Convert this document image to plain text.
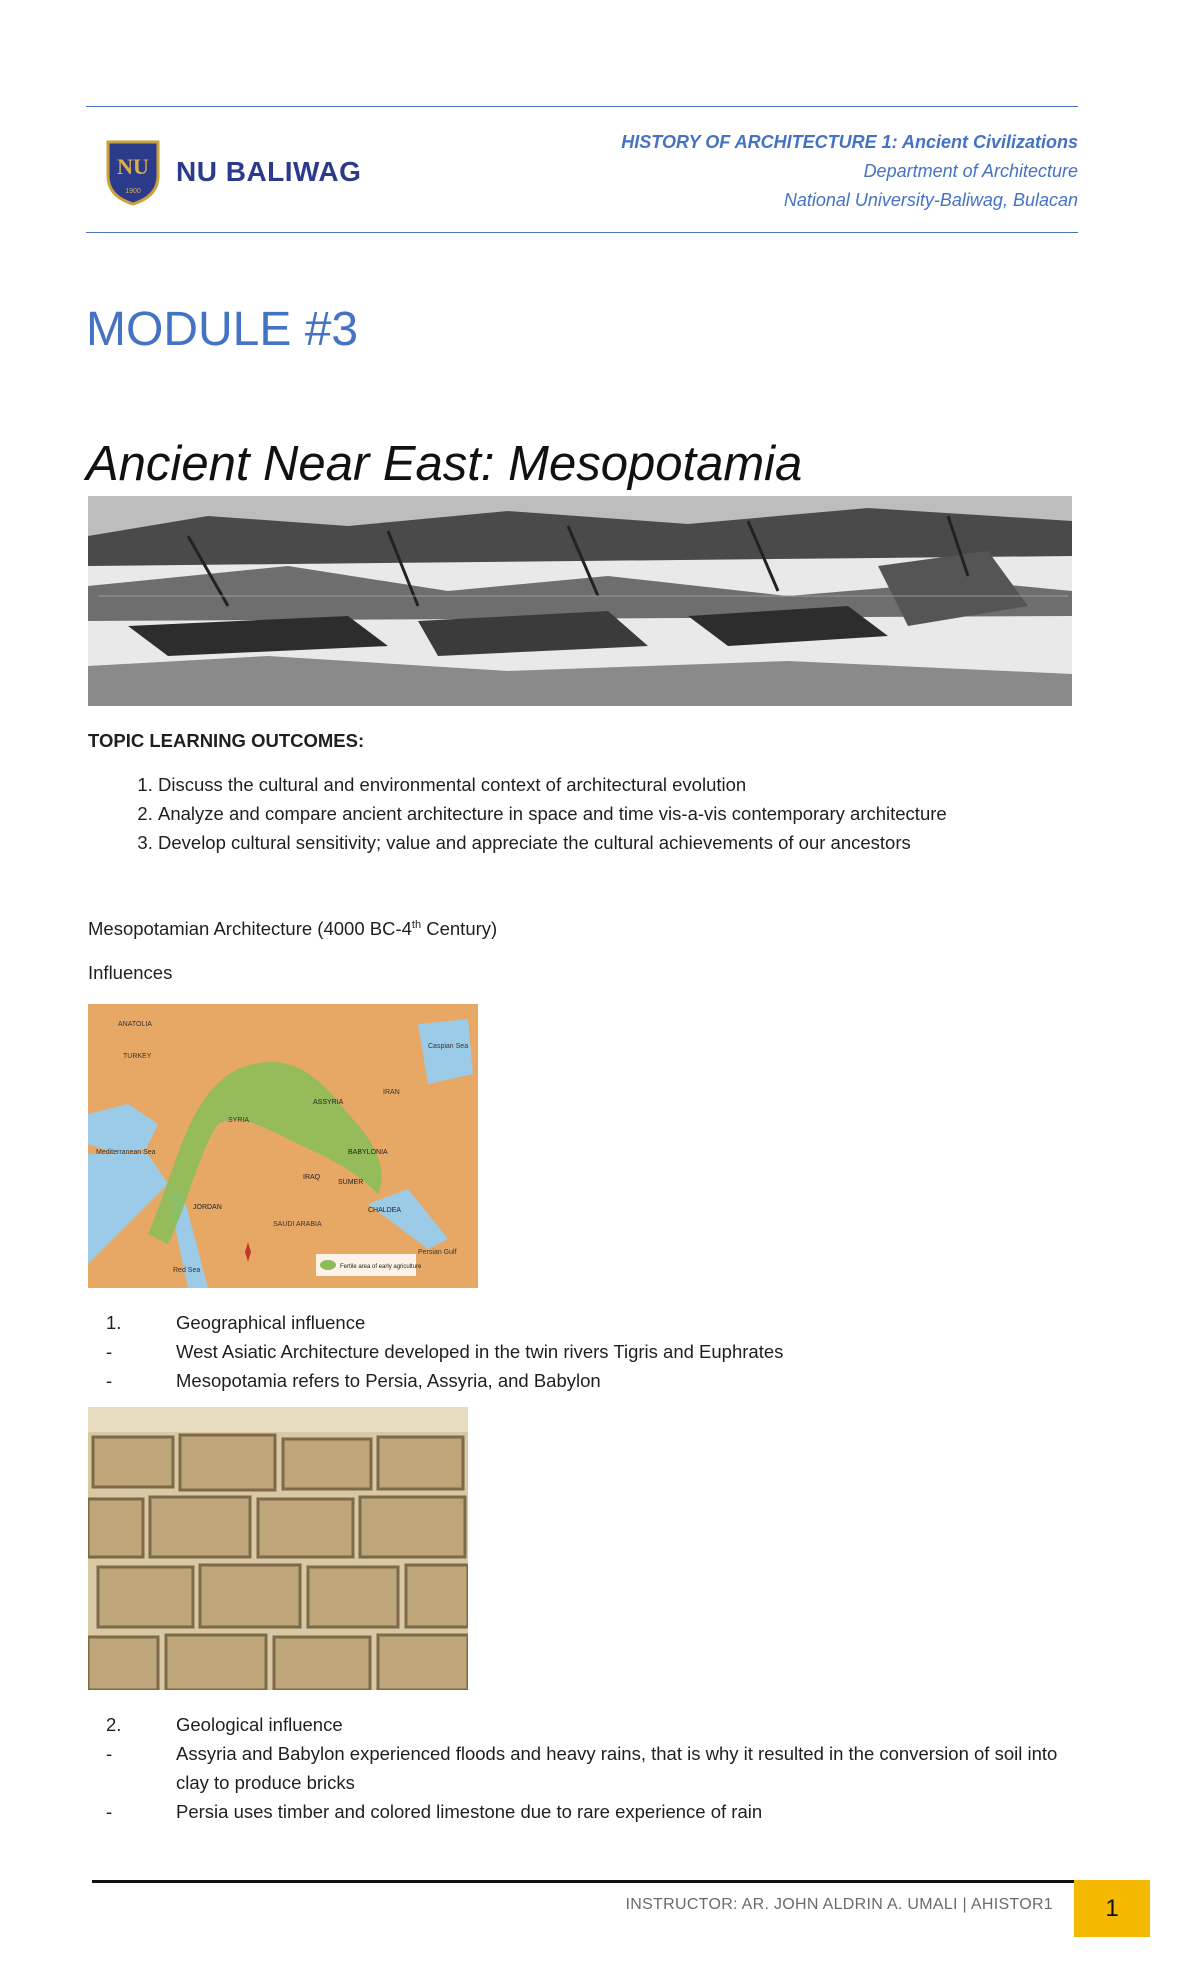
NU
1900
NU BALIWAG
HISTORY OF ARCHITECTURE 1: Ancient Civilizations
Department of Architecture
National University-Baliwag, Bulacan
MODULE #3
Ancient Near East: Mesopotamia
TOPIC LEARNING OUTCOMES:
1. Discuss the cultural and environmental context of architectural evolution
2. Analyze and compare ancient architecture in space and time vis-a-vis contemporary architecture
3. Develop cultural sensitivity; value and appreciate the cultural achievements of our ancestors
Mesopotamian Architecture (4000 BC-4th Century)
Influences
ANATOLIA
TURKEY
Caspian Sea
IRAN
SYRIA
Mediterranean Sea
ASSYRIA
BABYLONIA
IRAQ
SUMER
JORDAN
SAUDI ARABIA
CHALDEA
Persian Gulf
Red Sea	Fertile area of early agriculture
1.	Geographical influence
-	West Asiatic Architecture developed in the twin rivers Tigris and Euphrates
-	Mesopotamia refers to Persia, Assyria, and Babylon
2.	Geological influence
-	Assyria and Babylon experienced floods and heavy rains, that is why it resulted in the conversion of soil into clay to produce bricks
-	Persia uses timber and colored limestone due to rare experience of rain
INSTRUCTOR: AR. JOHN ALDRIN A. UMALI | AHISTOR1	1
